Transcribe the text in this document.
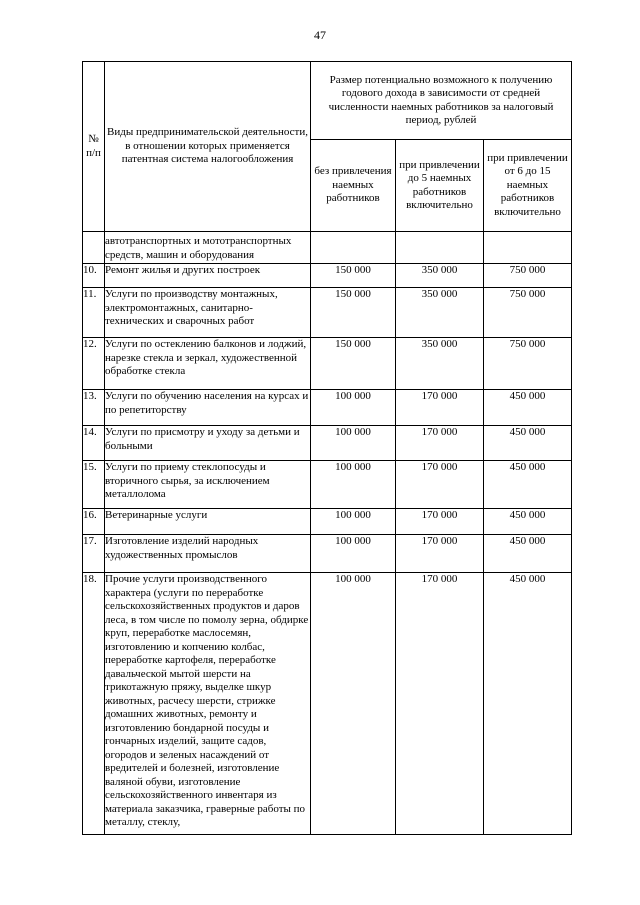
47
№ п/п	Виды предпринимательской деятельности, в отношении которых применяется патентная система налогообложения	Размер потенциально возможного к получению годового дохода в зависимости от средней численности наемных работников за налоговый период, рублей		
		без привлечения наемных работников	при привлечении до 5 наемных работников включительно	при привлечении от 6 до 15 наемных работников включительно
	автотранспортных и мототранспортных средств, машин и оборудования			
10.	Ремонт жилья и других построек	150 000	350 000	750 000
11.	Услуги по производству монтажных, электромонтажных, санитарно-технических и сварочных работ	150 000	350 000	750 000
12.	Услуги по остеклению балконов и лоджий, нарезке стекла и зеркал, художественной обработке стекла	150 000	350 000	750 000
13.	Услуги по обучению населения на курсах и по репетиторству	100 000	170 000	450 000
14.	Услуги по присмотру и уходу за детьми и больными	100 000	170 000	450 000
15.	Услуги по приему стеклопосуды и вторичного сырья, за исключением металлолома	100 000	170 000	450 000
16.	Ветеринарные услуги	100 000	170 000	450 000
17.	Изготовление изделий народных художественных промыслов	100 000	170 000	450 000
18.	Прочие услуги производственного характера (услуги по переработке сельскохозяйственных продуктов и даров леса, в том числе по помолу зерна, обдирке круп, переработке маслосемян, изготовлению и копчению колбас, переработке картофеля, переработке давальческой мытой шерсти на трикотажную пряжу, выделке шкур животных, расчесу шерсти, стрижке домашних животных, ремонту и изготовлению бондарной посуды и гончарных изделий, защите садов, огородов и зеленых насаждений от вредителей и болезней, изготовление валяной обуви, изготовление сельскохозяйственного инвентаря из материала заказчика, граверные работы по металлу, стеклу,	100 000	170 000	450 000
